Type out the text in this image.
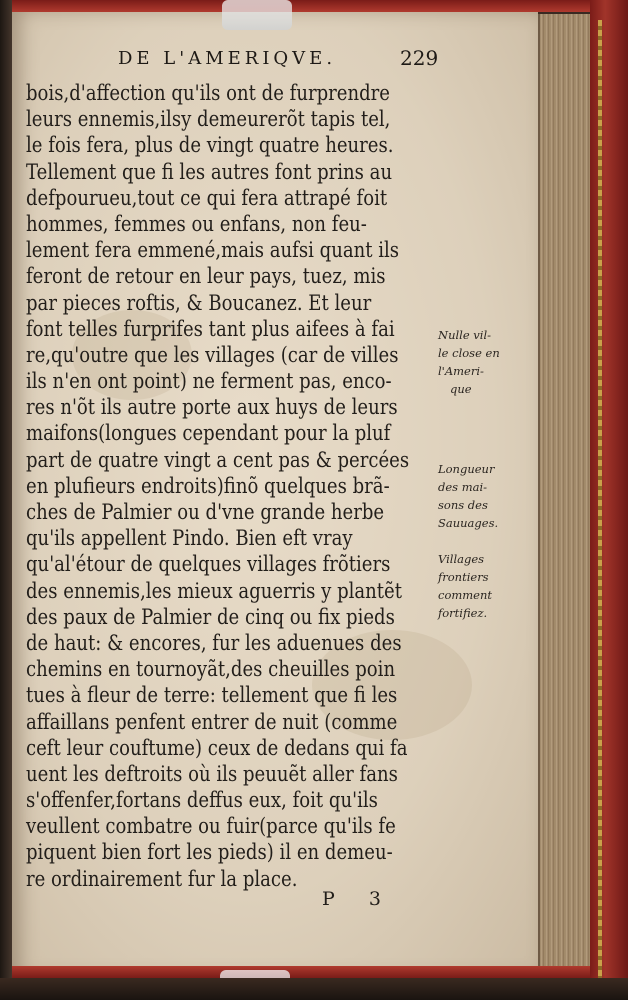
DE L'AMERIQVE.	229
bois,d'affection qu'ils ont de furprendre
leurs ennemis,ilsy demeurerõt tapis tel,
le fois fera, plus de vingt quatre heures.
Tellement que fi les autres font prins au
defpourueu,tout ce qui fera attrapé foit
hommes, femmes ou enfans, non feu-
lement fera emmené,mais aufsi quant ils
feront de retour en leur pays, tuez, mis
par pieces roftis, & Boucanez. Et leur
font telles furprifes tant plus aifees à fai
re,qu'outre que les villages (car de villes
ils n'en ont point) ne ferment pas, enco-
res n'õt ils autre porte aux huys de leurs
maifons(longues cependant pour la pluf
part de quatre vingt a cent pas & percées
en plufieurs endroits)finõ quelques brã-
ches de Palmier ou d'vne grande herbe
qu'ils appellent Pindo. Bien eft vray
qu'al'étour de quelques villages frõtiers
des ennemis,les mieux aguerris y plantẽt
des paux de Palmier de cinq ou fix pieds
de haut: & encores, fur les aduenues des
chemins en tournoyãt,des cheuilles poin
tues à fleur de terre: tellement que fi les
affaillans penfent entrer de nuit (comme
ceft leur couftume) ceux de dedans qui fa
uent les deftroits où ils peuuẽt aller fans
s'offenfer,fortans deffus eux, foit qu'ils
veullent combatre ou fuir(parce qu'ils fe
piquent bien fort les pieds) il en demeu-
re ordinairement fur la place.
Nulle vil-
le close en
l'Ameri-
que
Longueur
des mai-
sons des
Sauuages.
Villages
frontiers
comment
fortifiez.
P 3
